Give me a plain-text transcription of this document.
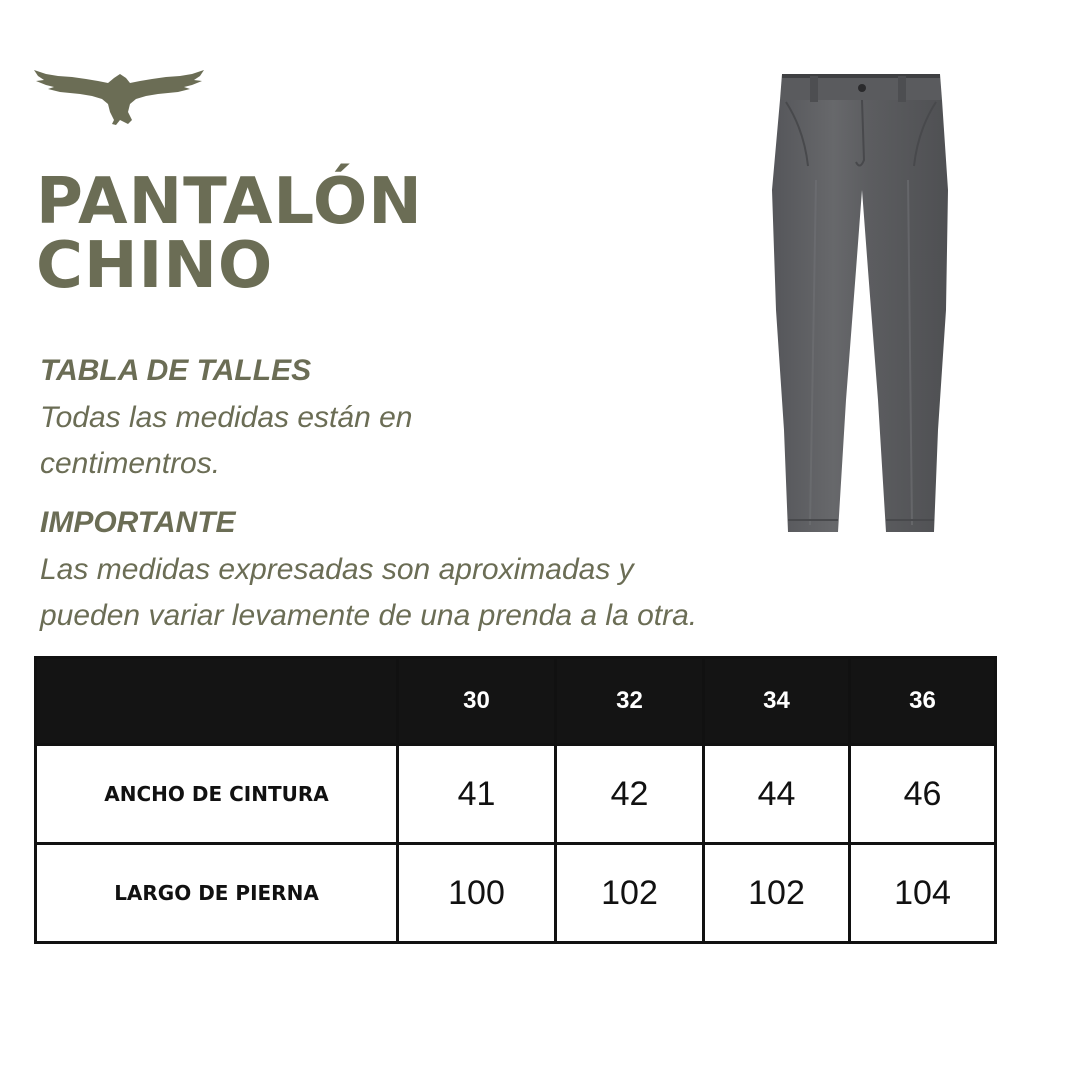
PANTALÓN
CHINO

TABLA DE TALLES

Todas las medidas están en
centimentros.

IMPORTANTE

Las medidas expresadas son aproximadas y
pueden variar levamente de una prenda a la otra.

	30	32	34	36
ANCHO DE CINTURA	41	42	44	46
LARGO DE PIERNA	100	102	102	104
